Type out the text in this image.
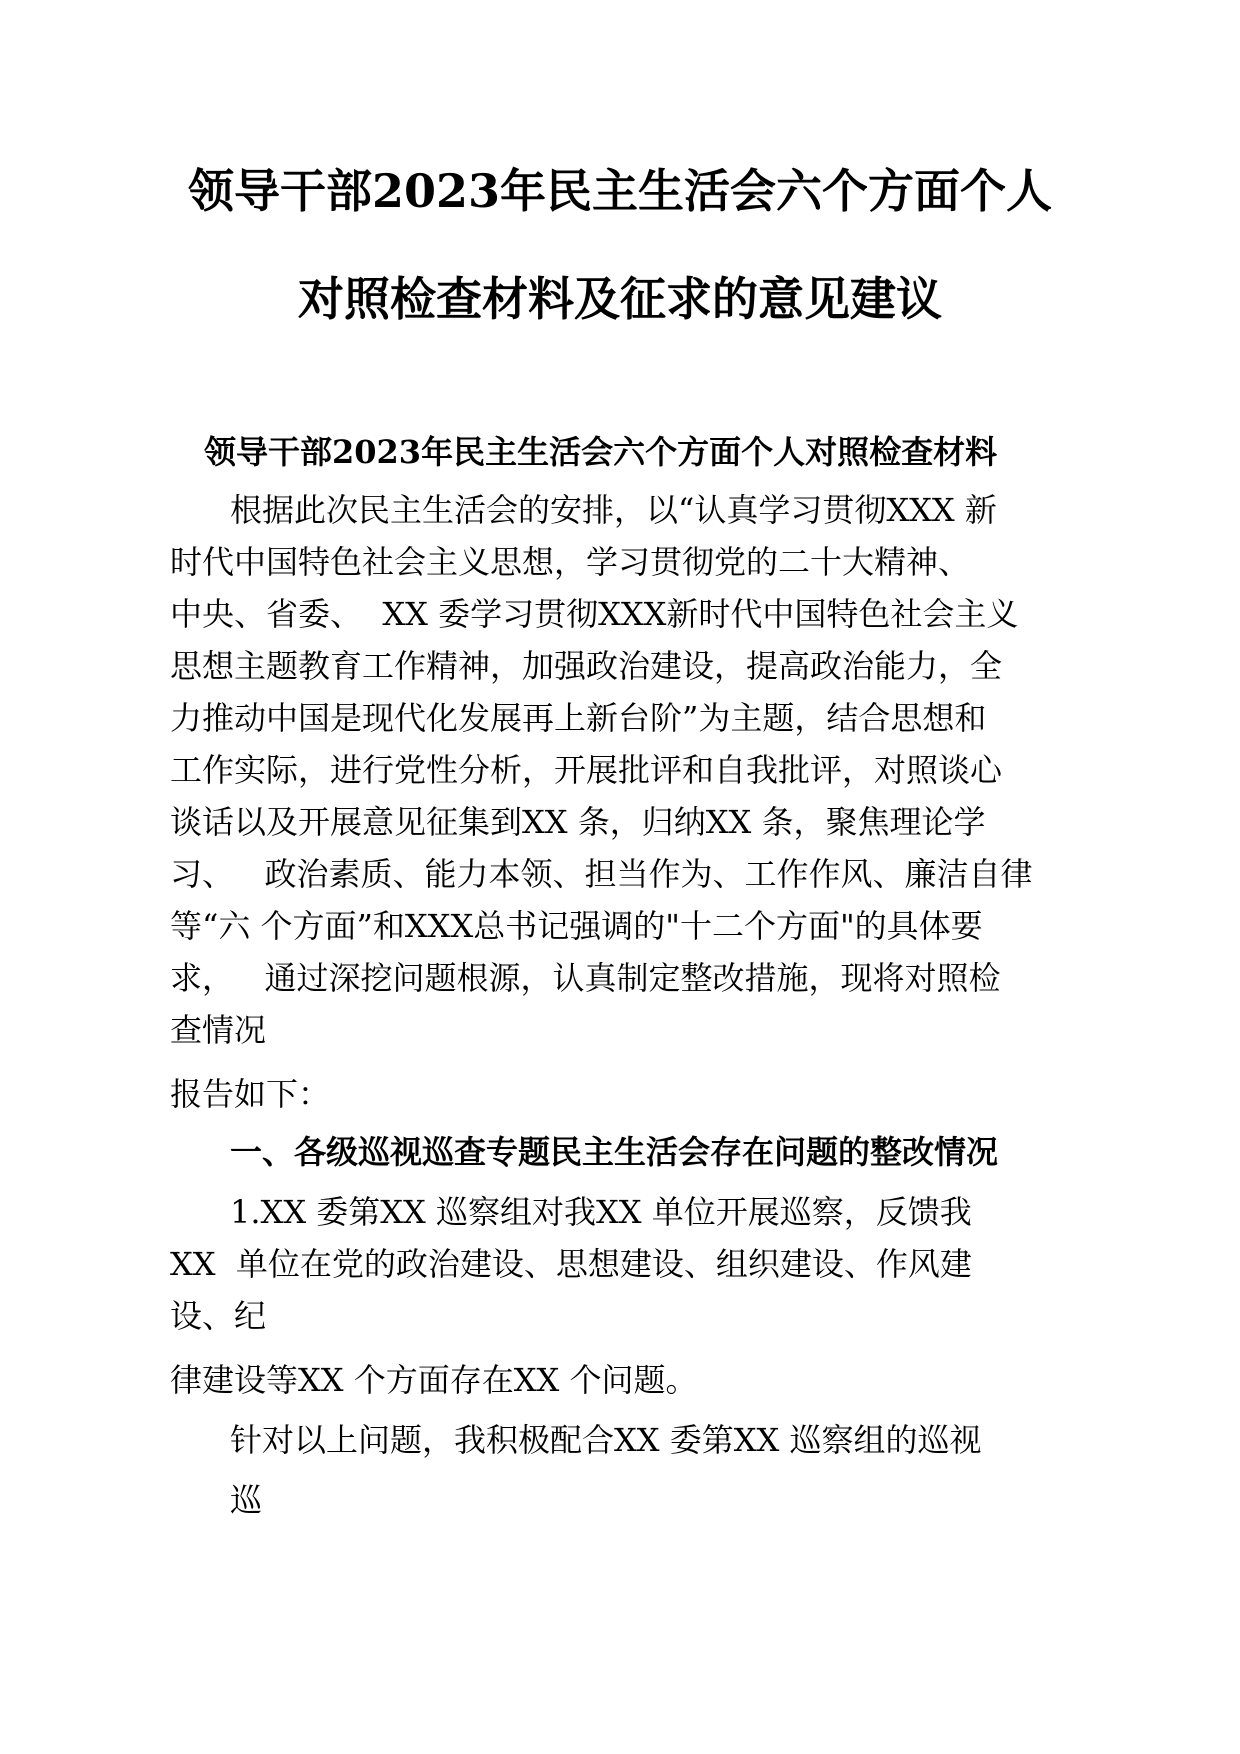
领导干部2023年民主生活会六个方面个人
对照检查材料及征求的意见建议
领导干部2023年民主生活会六个方面个人对照检查材料

根据此次民主生活会的安排，以“认真学习贯彻XXX 新

时代中国特色社会主义思想，学习贯彻党的二十大精神、

中央、省委、  XX 委学习贯彻XXX新时代中国特色社会主义

思想主题教育工作精神，加强政治建设，提高政治能力，全

力推动中国是现代化发展再上新台阶”为主题，结合思想和

工作实际，进行党性分析，开展批评和自我批评，对照谈心

谈话以及开展意见征集到XX 条，归纳XX 条，聚焦理论学

习、   政治素质、能力本领、担当作为、工作作风、廉洁自律

等“六 个方面”和XXX总书记强调的"十二个方面"的具体要

求，   通过深挖问题根源，认真制定整改措施，现将对照检

查情况

报告如下：

一、各级巡视巡查专题民主生活会存在问题的整改情况

1.XX 委第XX 巡察组对我XX 单位开展巡察，反馈我

XX  单位在党的政治建设、思想建设、组织建设、作风建

设、纪

律建设等XX 个方面存在XX 个问题。

针对以上问题，我积极配合XX 委第XX 巡察组的巡视

巡
